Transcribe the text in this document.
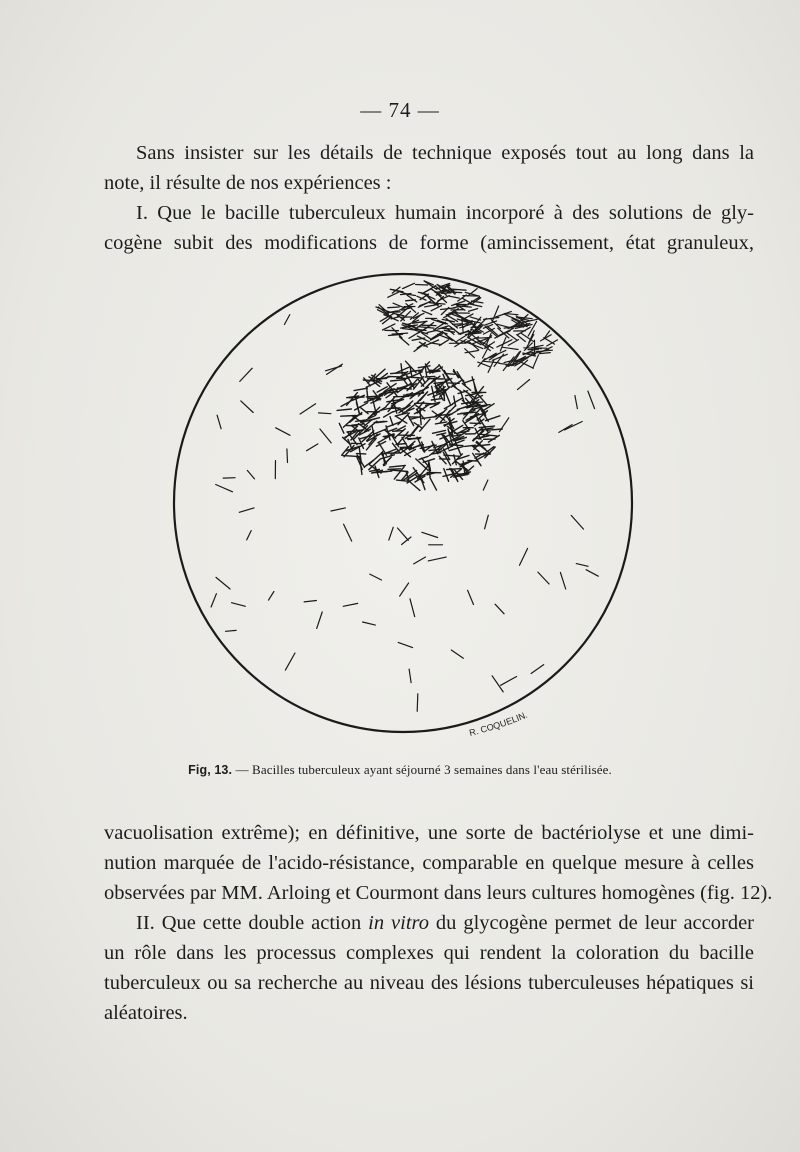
— 74 —
Sans insister sur les détails de technique exposés tout au long dans la
note, il résulte de nos expériences :
I. Que le bacille tuberculeux humain incorporé à des solutions de gly-
cogène subit des modifications de forme (amincissement, état granuleux,
R. COQUELIN.
Fig, 13. — Bacilles tuberculeux ayant séjourné 3 semaines dans l'eau stérilisée.
vacuolisation extrême); en définitive, une sorte de bactériolyse et une dimi-
nution marquée de l'acido-résistance, comparable en quelque mesure à celles
observées par MM. Arloing et Courmont dans leurs cultures homogènes (fig. 12).
II. Que cette double action in vitro du glycogène permet de leur accorder
un rôle dans les processus complexes qui rendent la coloration du bacille
tuberculeux ou sa recherche au niveau des lésions tuberculeuses hépatiques si
aléatoires.
